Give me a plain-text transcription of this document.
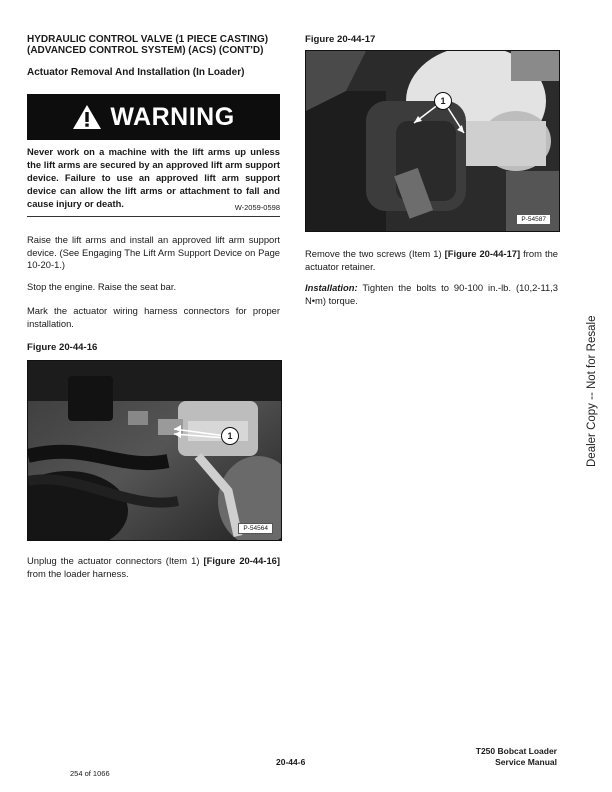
HYDRAULIC CONTROL VALVE (1 PIECE CASTING)
(ADVANCED CONTROL SYSTEM) (ACS) (CONT'D)
Actuator Removal And Installation (In Loader)
WARNING
Never work on a machine with the lift arms up unless the lift arms are secured by an approved lift arm support device. Failure to use an approved lift arm support device can allow the lift arms or attachment to fall and cause injury or death.	W-2059-0598
Raise the lift arms and install an approved lift arm support device. (See Engaging The Lift Arm Support Device on Page 10-20-1.)
Stop the engine. Raise the seat bar.
Mark the actuator wiring harness connectors for proper installation.
Figure 20-44-16
1
P-54564
Unplug the actuator connectors (Item 1) [Figure 20-44-16] from the loader harness.
Figure 20-44-17
1
P-54587
Remove the two screws (Item 1) [Figure 20-44-17] from the actuator retainer.
Installation: Tighten the bolts to 90-100 in.-lb. (10,2-11,3 N•m) torque.
Dealer Copy -- Not for Resale
20-44-6
T250 Bobcat Loader
Service Manual
254 of 1066
